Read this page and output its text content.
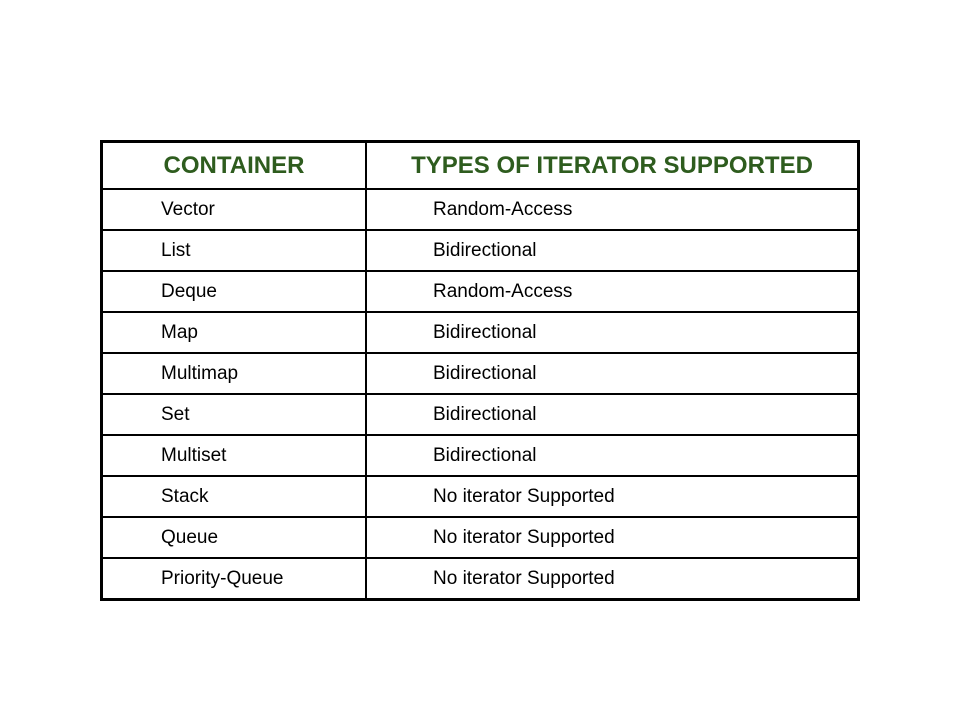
CONTAINER	TYPES OF ITERATOR SUPPORTED
Vector	Random-Access
List	Bidirectional
Deque	Random-Access
Map	Bidirectional
Multimap	Bidirectional
Set	Bidirectional
Multiset	Bidirectional
Stack	No iterator Supported
Queue	No iterator Supported
Priority-Queue	No iterator Supported
